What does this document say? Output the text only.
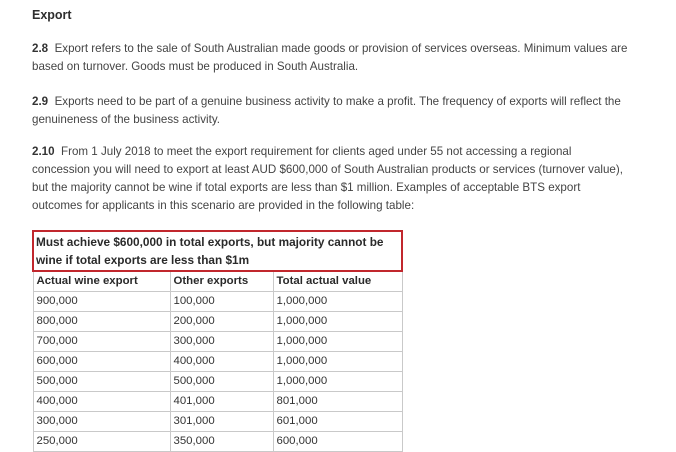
Export
2.8 Export refers to the sale of South Australian made goods or provision of services overseas. Minimum values are based on turnover. Goods must be produced in South Australia.
2.9 Exports need to be part of a genuine business activity to make a profit. The frequency of exports will reflect the genuineness of the business activity.
2.10 From 1 July 2018 to meet the export requirement for clients aged under 55 not accessing a regional concession you will need to export at least AUD $600,000 of South Australian products or services (turnover value), but the majority cannot be wine if total exports are less than $1 million. Examples of acceptable BTS export outcomes for applicants in this scenario are provided in the following table:
Must achieve $600,000 in total exports, but majority cannot be wine if total exports are less than $1m		
Actual wine export	Other exports	Total actual value
900,000	100,000	1,000,000
800,000	200,000	1,000,000
700,000	300,000	1,000,000
600,000	400,000	1,000,000
500,000	500,000	1,000,000
400,000	401,000	801,000
300,000	301,000	601,000
250,000	350,000	600,000
